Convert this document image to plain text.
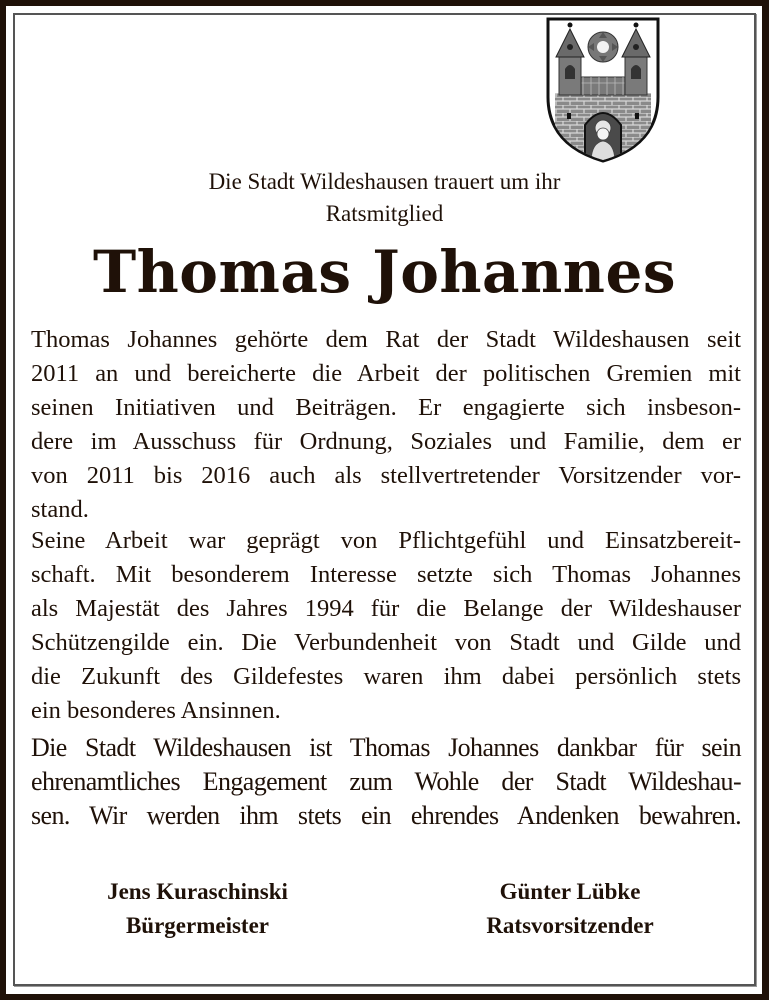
Die Stadt Wildeshausen trauert um ihr
Ratsmitglied
Thomas Johannes
Thomas Johannes gehörte dem Rat der Stadt Wildeshausen seit
2011 an und bereicherte die Arbeit der politischen Gremien mit
seinen Initiativen und Beiträgen. Er engagierte sich insbeson-
dere im Ausschuss für Ordnung, Soziales und Familie, dem er
von 2011 bis 2016 auch als stellvertretender Vorsitzender vor-
stand.
Seine Arbeit war geprägt von Pflichtgefühl und Einsatzbereit-
schaft. Mit besonderem Interesse setzte sich Thomas Johannes
als Majestät des Jahres 1994 für die Belange der Wildeshauser
Schützengilde ein. Die Verbundenheit von Stadt und Gilde und
die Zukunft des Gildefestes waren ihm dabei persönlich stets
ein besonderes Ansinnen.
Die Stadt Wildeshausen ist Thomas Johannes dankbar für sein
ehrenamtliches Engagement zum Wohle der Stadt Wildeshau-
sen. Wir werden ihm stets ein ehrendes Andenken bewahren.
Jens Kuraschinski
Bürgermeister
Günter Lübke
Ratsvorsitzender
